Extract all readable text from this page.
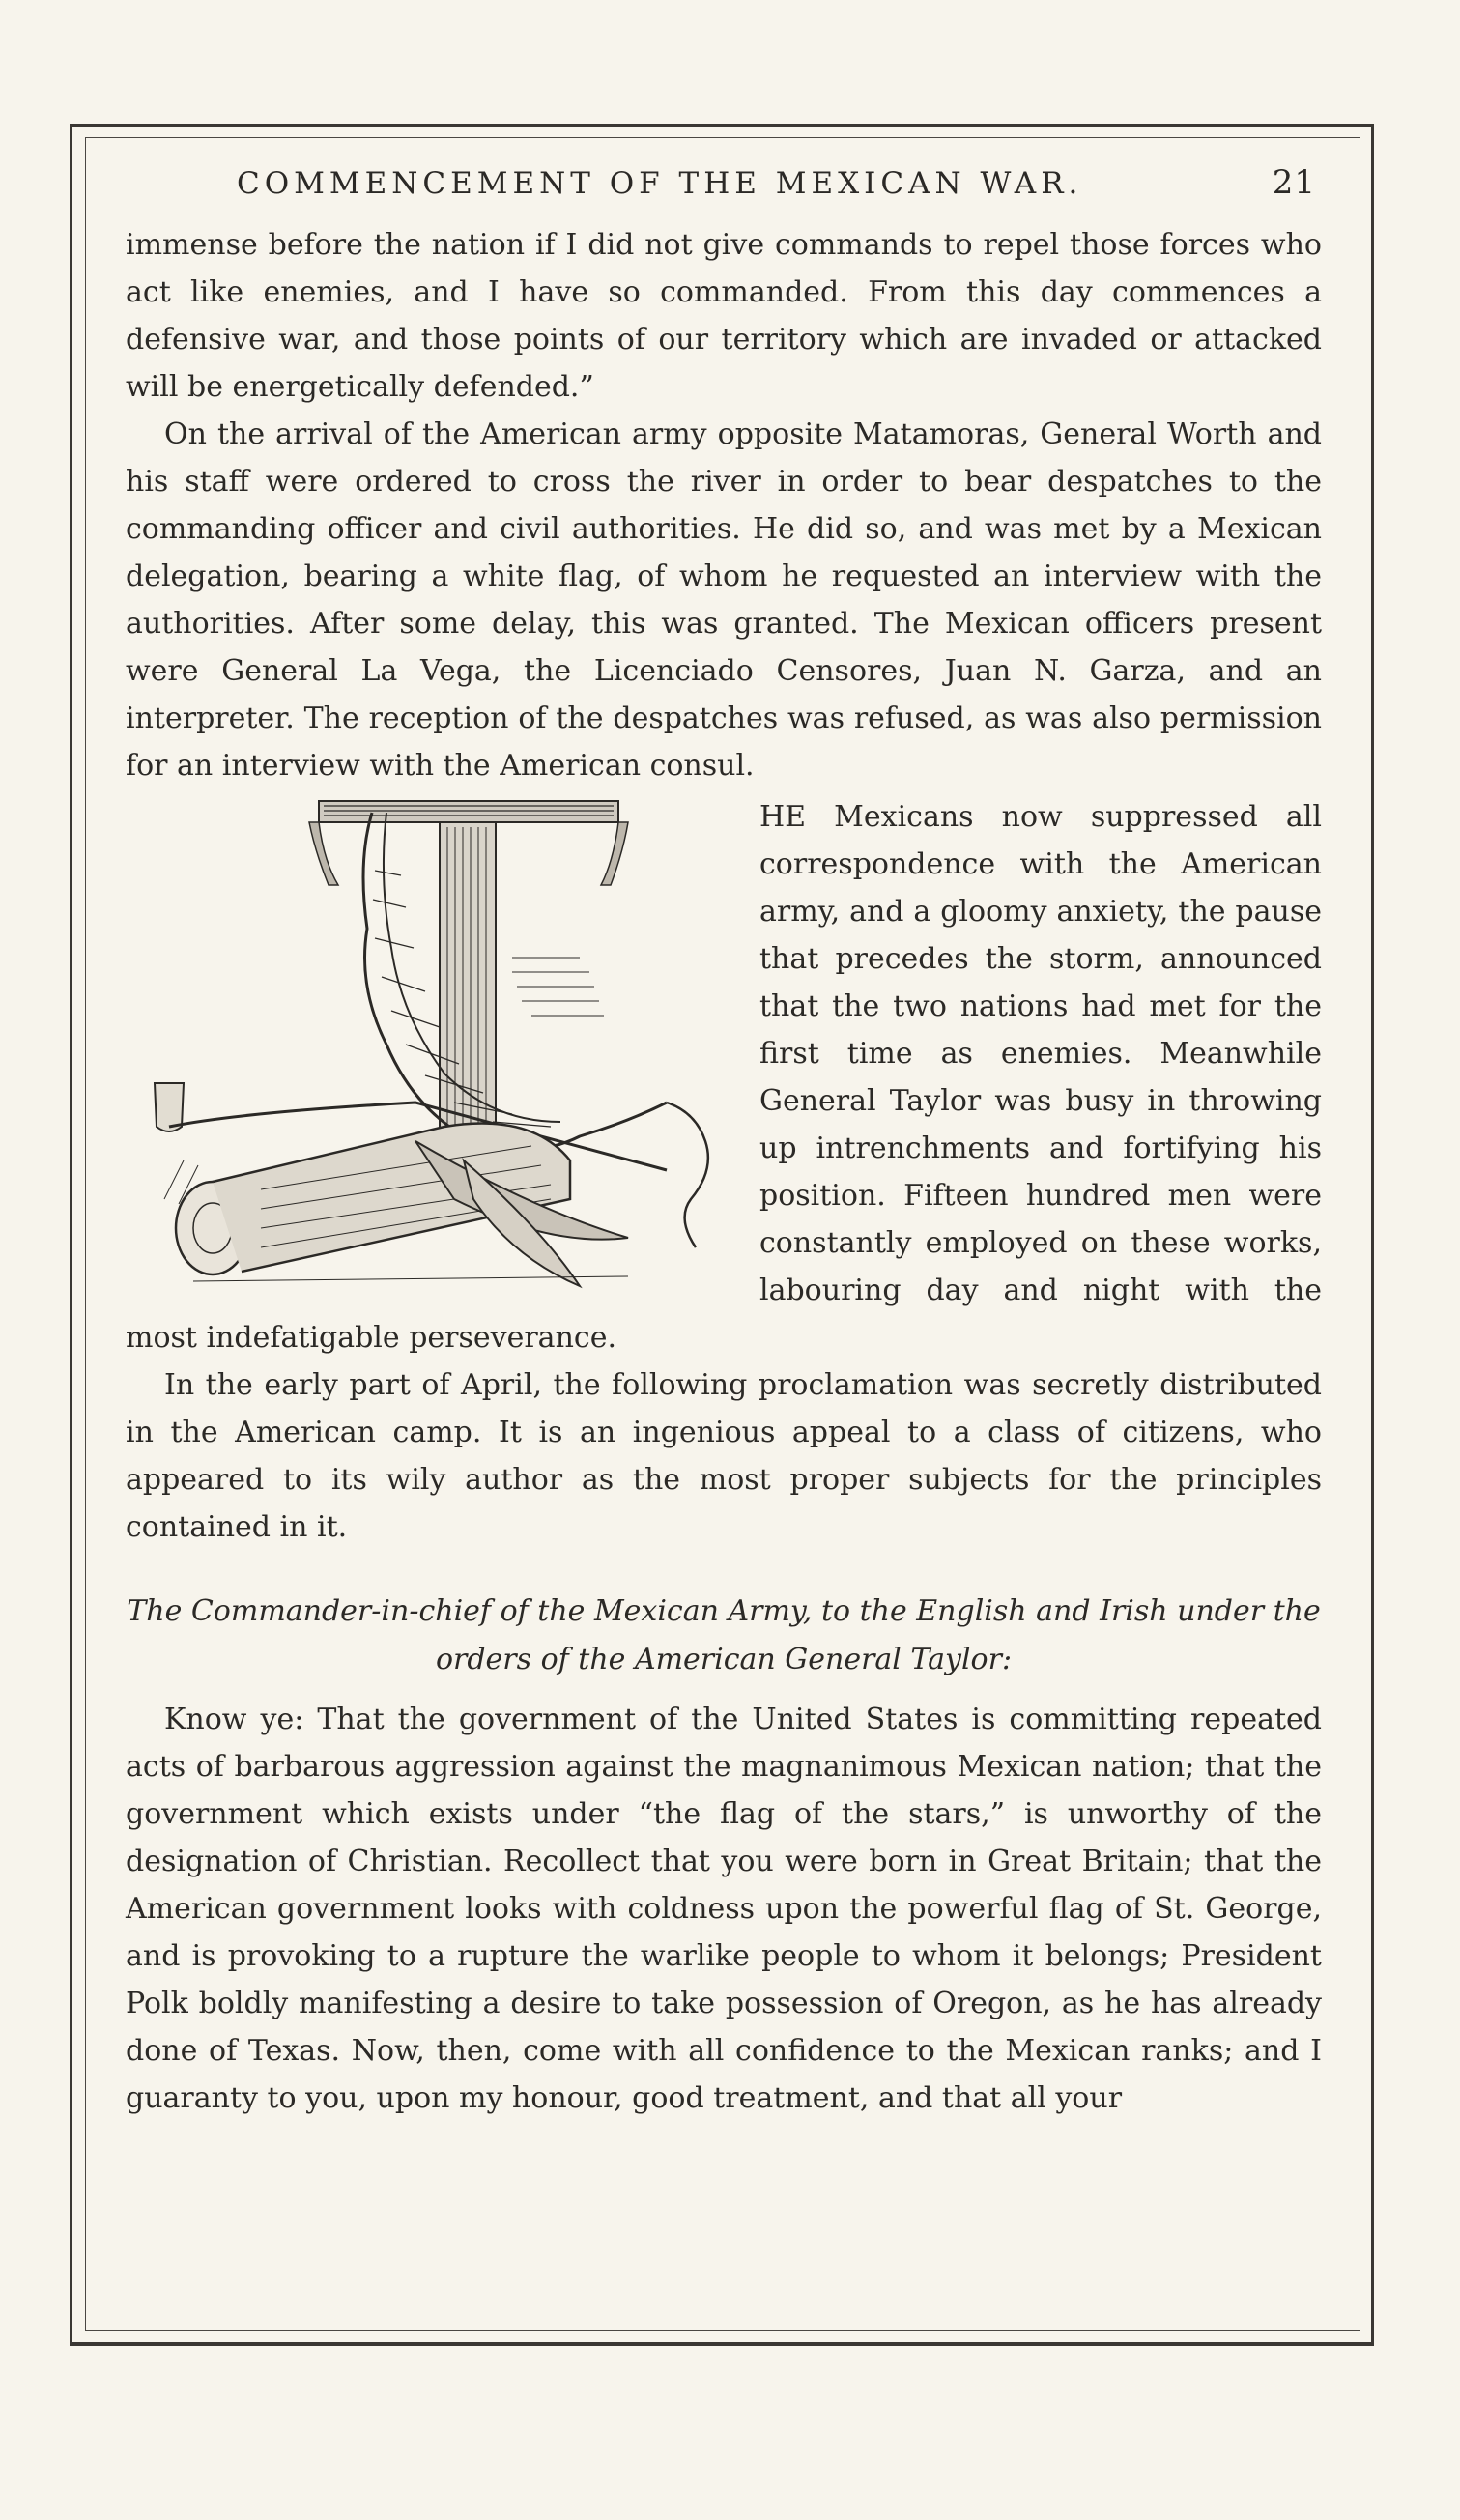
COMMENCEMENT OF THE MEXICAN WAR.	21

immense before the nation if I did not give commands to repel those forces who act like enemies, and I have so commanded. From this day commences a defensive war, and those points of our territory which are invaded or attacked will be energetically defended.”

On the arrival of the American army opposite Matamoras, General Worth and his staff were ordered to cross the river in order to bear despatches to the commanding officer and civil authorities. He did so, and was met by a Mexican delegation, bearing a white flag, of whom he requested an interview with the authorities. After some delay, this was granted. The Mexican officers present were General La Vega, the Licenciado Censores, Juan N. Garza, and an interpreter. The reception of the despatches was refused, as was also permission for an interview with the American consul.

HE Mexicans now suppressed all correspondence with the American army, and a gloomy anxiety, the pause that precedes the storm, announced that the two nations had met for the first time as enemies. Meanwhile General Taylor was busy in throwing up intrenchments and fortifying his position. Fifteen hundred men were constantly employed on these works, labouring day and night with the most indefatigable perseverance.

In the early part of April, the following proclamation was secretly distributed in the American camp. It is an ingenious appeal to a class of citizens, who appeared to its wily author as the most proper subjects for the principles contained in it.

The Commander-in-chief of the Mexican Army, to the English and Irish under the orders of the American General Taylor:

Know ye: That the government of the United States is committing repeated acts of barbarous aggression against the magnanimous Mexican nation; that the government which exists under “the flag of the stars,” is unworthy of the designation of Christian. Recollect that you were born in Great Britain; that the American government looks with coldness upon the powerful flag of St. George, and is provoking to a rupture the warlike people to whom it belongs; President Polk boldly manifesting a desire to take possession of Oregon, as he has already done of Texas. Now, then, come with all confidence to the Mexican ranks; and I guaranty to you, upon my honour, good treatment, and that all your
